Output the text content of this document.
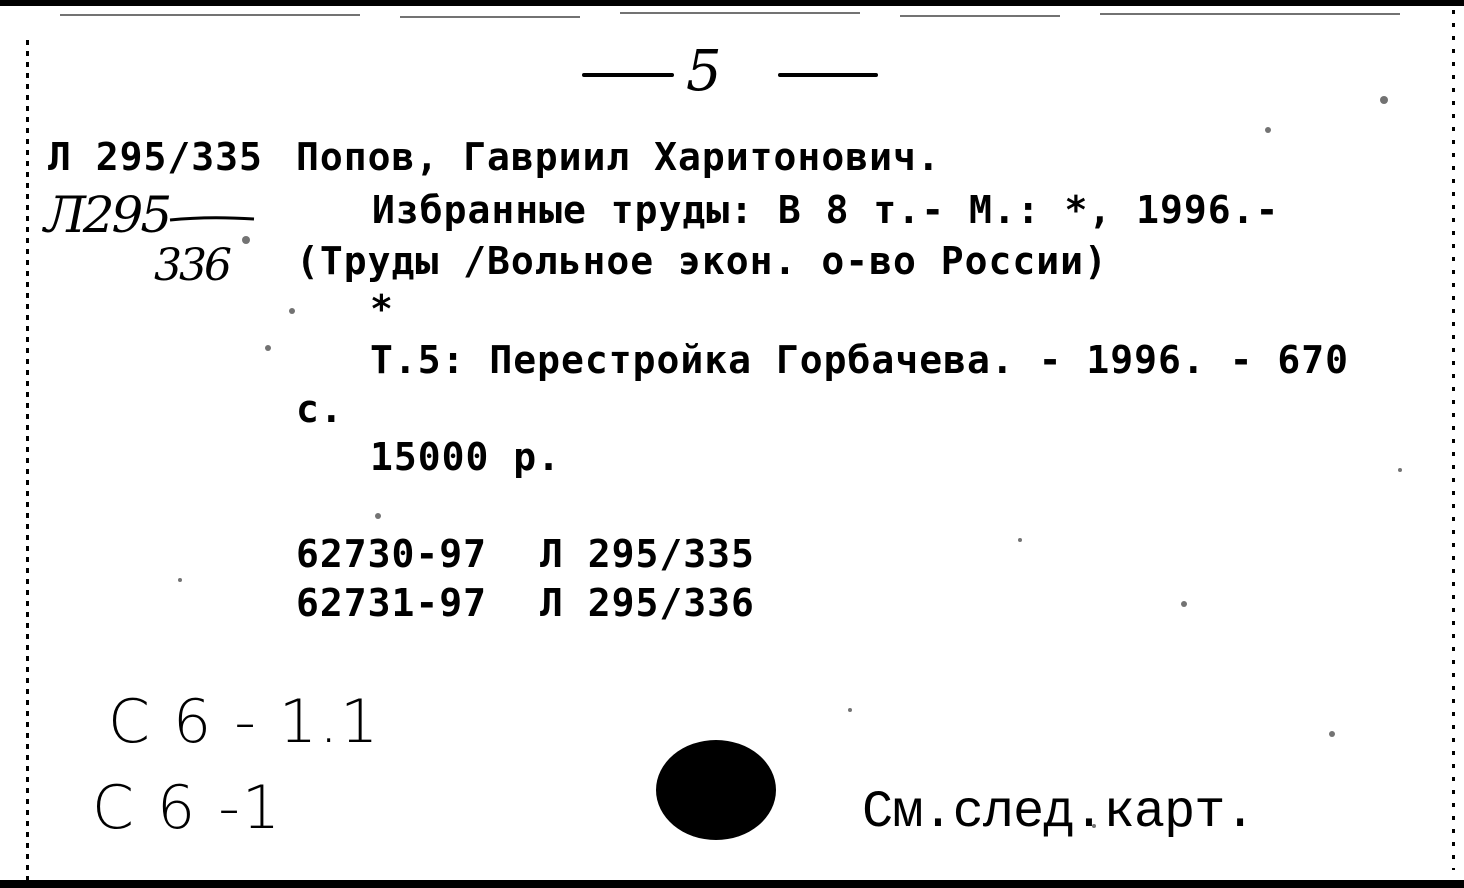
5
Л 295/335 Попов, Гавриил Харитонович.
Избранные труды: В 8 т.- М.: *, 1996.-
(Труды /Вольное экон. о-во России)
*
Т.5: Перестройка Горбачева. - 1996. - 670
с.
15000 р.
62730-97 Л 295/335
62731-97 Л 295/336
Л295
336
С 6 - 1.1
С 6 -1	См.след.карт.
